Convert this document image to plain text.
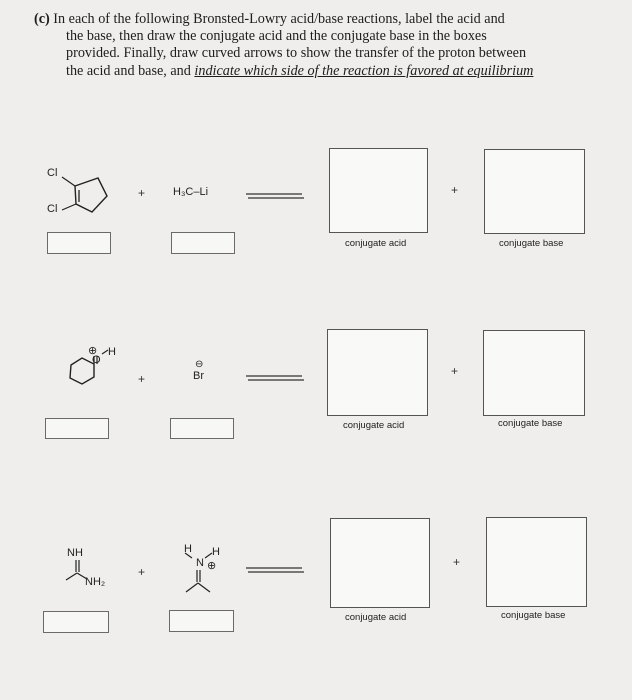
(c) In each of the following Bronsted-Lowry acid/base reactions, label the acid and
the base, then draw the conjugate acid and the conjugate base in the boxes
provided. Finally, draw curved arrows to show the transfer of the proton between
the acid and base, and indicate which side of the reaction is favored at equilibrium
Cl
Cl
+	H₃C–Li	+
conjugate acid	conjugate base
⊕
O
H
+
⊖
Br	+
conjugate acid	conjugate base
NH
NH₂
+
H H
N ⊕	+
conjugate acid	conjugate base
